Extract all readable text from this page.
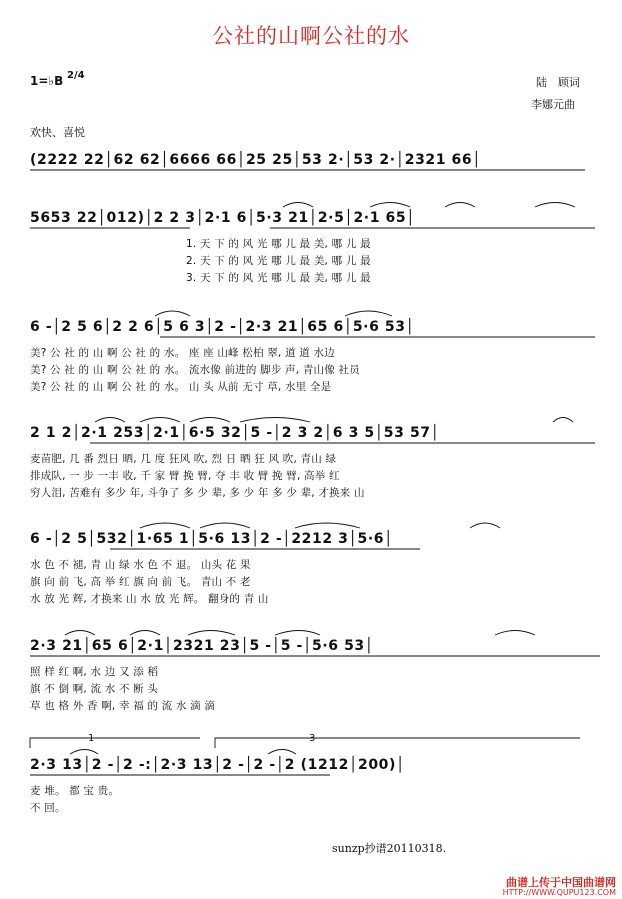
公社的山啊公社的水
1=♭B 2/4
陆　顾词
李娜元曲
欢快、喜悦
(2222 22│62 62│6666 66│25 25│53 2·│53 2·│2321 66│
5653 22│012)│2 2 3│2·1 6│5·3 21│2·5│2·1 65│
1. 天 下 的 风 光 哪 儿 最 美, 哪 儿 最
2. 天 下 的 风 光 哪 儿 最 美, 哪 儿 最
3. 天 下 的 风 光 哪 儿 最 美, 哪 儿 最
6 -│2 5 6│2 2 6│5 6 3│2 -│2·3 21│65 6│5·6 53│
美? 公 社 的 山 啊 公 社 的 水。 座 座 山峰 松柏 翠, 道 道 水边
美? 公 社 的 山 啊 公 社 的 水。 流水像 前进的 脚步 声, 青山像 社员
美? 公 社 的 山 啊 公 社 的 水。 山 头 从前 无寸 草, 水里 全是
2 1 2│2·1 253│2·1│6·5 32│5 -│2 3 2│6 3 5│53 57│
麦苗肥, 几 番 烈日 晒, 几 度 狂风 吹, 烈 日 晒 狂 风 吹, 青山 绿
排成队, 一 步 一丰 收, 千 家 臂 挽 臂, 夺 丰 收 臂 挽 臂, 高举 红
穷人泪, 苦难有 多少 年, 斗争了 多 少 辈, 多 少 年 多 少 辈, 才换来 山
6 -│2 5│532│1·65 1│5·6 13│2 -│2212 3│5·6│
水 色 不 褪, 青 山 绿 水 色 不 退。 山头 花 果
旗 向 前 飞, 高 举 红 旗 向 前 飞。 青山 不 老
水 放 光 辉, 才换来 山 水 放 光 辉。 翻身的 青 山
2·3 21│65 6│2·1│2321 23│5 -│5 -│5·6 53│
照 样 红 啊, 水 边 又 添 稻
旗 不 倒 啊, 流 水 不 断 头
草 也 格 外 香 啊, 幸 福 的 流 水 滴 滴
1	3
2·3 13│2 -│2 -:│2·3 13│2 -│2 -│2 (1212│200)│
麦 堆。 都 宝 贵。
不 回。
sunzp抄谱20110318.
曲谱上传于中国曲谱网
HTTP://WWW.QUPU123.COM
